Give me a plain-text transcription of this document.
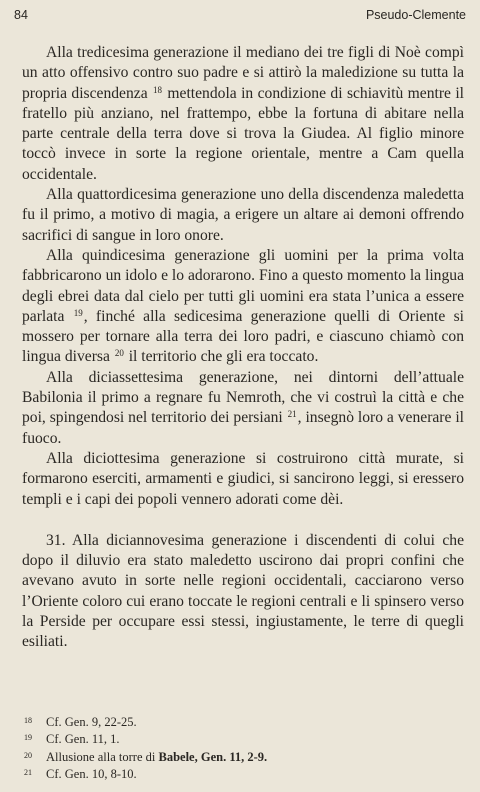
84	Pseudo-Clemente

Alla tredicesima generazione il mediano dei tre figli di Noè compì un atto offensivo contro suo padre e si attirò la maledizione su tutta la propria discendenza $^{18}$ mettendola in condizione di schiavitù mentre il fratello più anziano, nel frattempo, ebbe la fortuna di abitare nella parte centrale della terra dove si trova la Giudea. Al figlio minore toccò invece in sorte la regione orientale, mentre a Cam quella occidentale.

Alla quattordicesima generazione uno della discendenza maledetta fu il primo, a motivo di magia, a erigere un altare ai demoni offrendo sacrifici di sangue in loro onore.

Alla quindicesima generazione gli uomini per la prima volta fabbricarono un idolo e lo adorarono. Fino a questo momento la lingua degli ebrei data dal cielo per tutti gli uomini era stata l’unica a essere parlata $^{19}$, finché alla sedicesima generazione quelli di Oriente si mossero per tornare alla terra dei loro padri, e ciascuno chiamò con lingua diversa $^{20}$ il territorio che gli era toccato.

Alla diciassettesima generazione, nei dintorni dell’attuale Babilonia il primo a regnare fu Nemroth, che vi costruì la città e che poi, spingendosi nel territorio dei persiani $^{21}$, insegnò loro a venerare il fuoco.

Alla diciottesima generazione si costruirono città murate, si formarono eserciti, armamenti e giudici, si sancirono leggi, si eressero templi e i capi dei popoli vennero adorati come dèi.

31. Alla diciannovesima generazione i discendenti di colui che dopo il diluvio era stato maledetto uscirono dai propri confini che avevano avuto in sorte nelle regioni occidentali, cacciarono verso l’Oriente coloro cui erano toccate le regioni centrali e li spinsero verso la Perside per occupare essi stessi, ingiustamente, le terre di quegli esiliati.

18 Cf. Gen. 9, 22-25.
19 Cf. Gen. 11, 1.
20 Allusione alla torre di Babele, Gen. 11, 2-9.
21 Cf. Gen. 10, 8-10.
